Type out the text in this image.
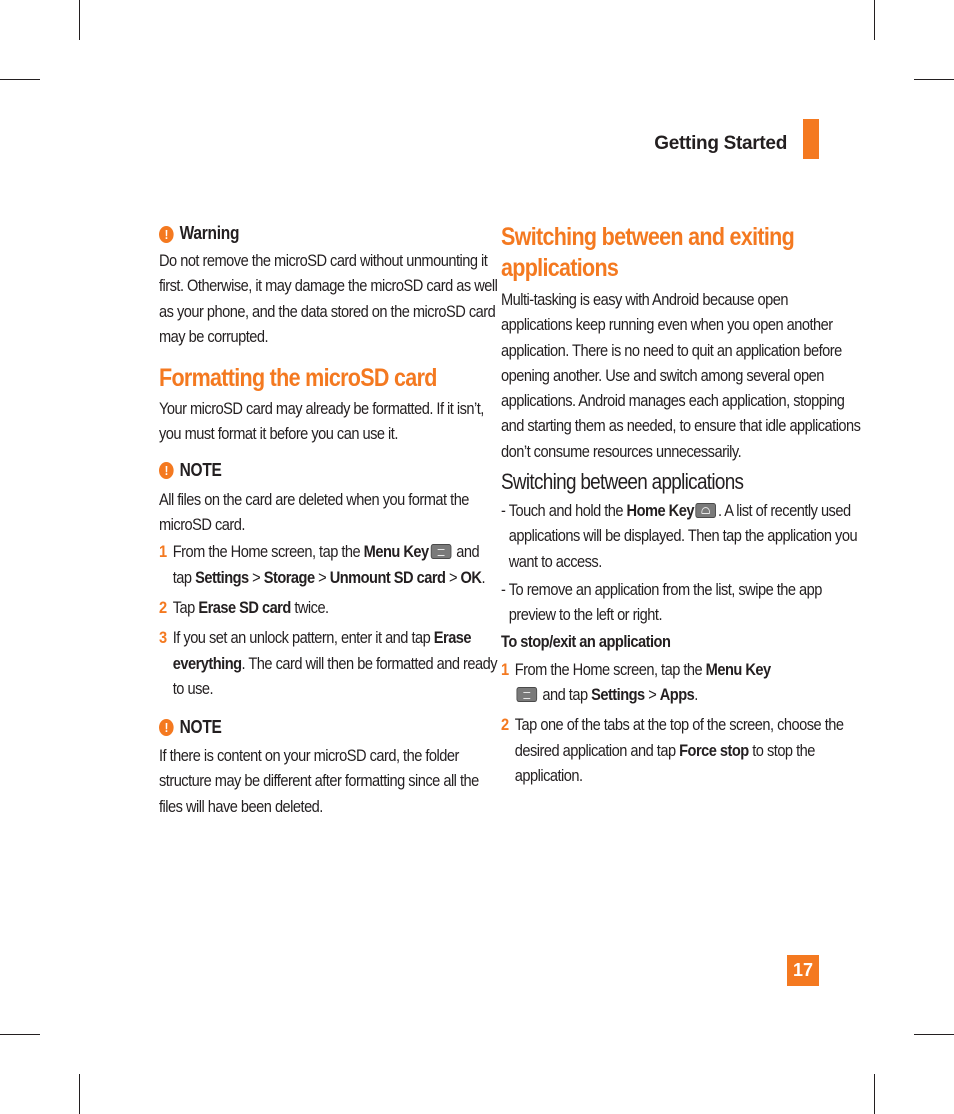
Getting Started
! Warning

Do not remove the microSD card without unmounting it first. Otherwise, it may damage the microSD card as well as your phone, and the data stored on the microSD card may be corrupted.

Formatting the microSD card

Your microSD card may already be formatted. If it isn’t, you must format it before you can use it.

! NOTE

All files on the card are deleted when you format the microSD card.

1 From the Home screen, tap the Menu Key and tap Settings > Storage > Unmount SD card > OK.
2 Tap Erase SD card twice.
3 If you set an unlock pattern, enter it and tap Erase everything. The card will then be formatted and ready to use.
! NOTE

If there is content on your microSD card, the folder structure may be different after formatting since all the files will have been deleted.

Switching between and exiting applications

Multi-tasking is easy with Android because open applications keep running even when you open another application. There is no need to quit an application before opening another. Use and switch among several open applications. Android manages each application, stopping and starting them as needed, to ensure that idle applications don’t consume resources unnecessarily.

Switching between applications
- Touch and hold the Home Key . A list of recently used applications will be displayed. Then tap the application you want to access.
- To remove an application from the list, swipe the app preview to the left or right.
To stop/exit an application
1 From the Home screen, tap the Menu Key
and tap Settings > Apps.
2 Tap one of the tabs at the top of the screen, choose the desired application and tap Force stop to stop the application.
17
